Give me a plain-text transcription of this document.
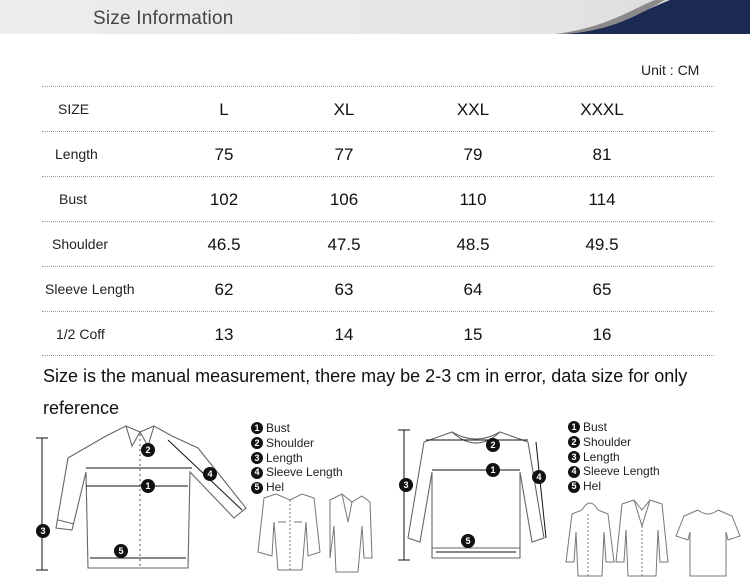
Size Information
Unit : CM
SIZE	L	XL	XXL	XXXL
Length	75	77	79	81
Bust	102	106	110	114
Shoulder	46.5	47.5	48.5	49.5
Sleeve Length	62	63	64	65
1/2 Coff	13	14	15	16
Size is the manual measurement, there may be 2-3 cm in error, data size for only reference
2
1
4
3
5
1 Bust
2 Shoulder
3 Length
4 Sleeve Length
5 Hel
2
1
4
3
5
1 Bust
2 Shoulder
3 Length
4 Sleeve Length
5 Hel
